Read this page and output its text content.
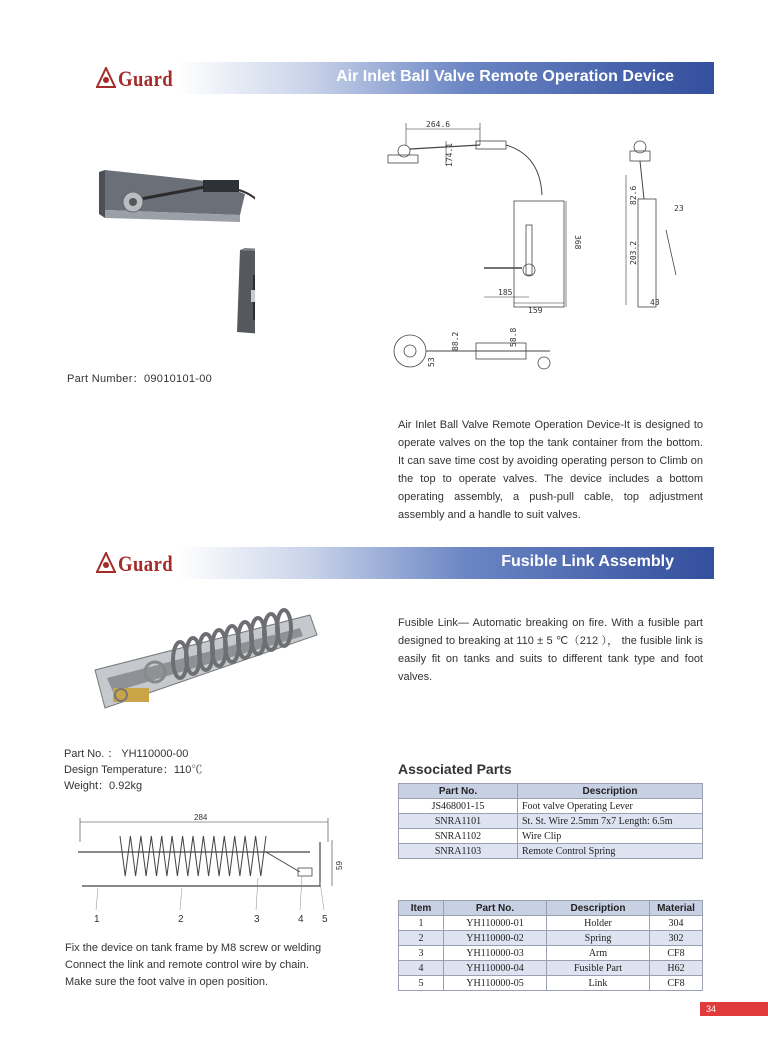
Guard	Air Inlet Ball Valve Remote Operation Device
Part Number：09010101-00
264.6
174.1
368
185
159
82.6
203.2
23
43
88.2	58.8
53
Air Inlet Ball Valve Remote Operation Device-It is designed to operate valves on the top the tank container from the bottom. It can save time cost by avoiding operating person to Climb on the top to operate valves. The device includes a bottom operating assembly, a push-pull cable, top adjustment assembly and a handle to suit valves.
Guard	Fusible Link Assembly
Part No. ： YH110000-00
Design Temperature：110℃
Weight：0.92kg
284
59
1	2	3	4 5
Fix the device on tank frame by M8 screw or welding
Connect the link and remote control wire by chain.
Make sure the foot valve in open position.
Fusible Link— Automatic breaking on fire. With a fusible part designed to breaking at 110 ± 5 ℃（212 ）， the fusible link is easily fit on tanks and suits to different tank type and foot valves.
Associated Parts
Part No.	Description
JS468001-15	Foot valve Operating Lever
SNRA1101	St. St. Wire 2.5mm 7x7 Length: 6.5m
SNRA1102	Wire Clip
SNRA1103	Remote Control Spring
Item	Part No.	Description	Material
1	YH110000-01	Holder	304
2	YH110000-02	Spring	302
3	YH110000-03	Arm	CF8
4	YH110000-04	Fusible Part	H62
5	YH110000-05	Link	CF8
34
